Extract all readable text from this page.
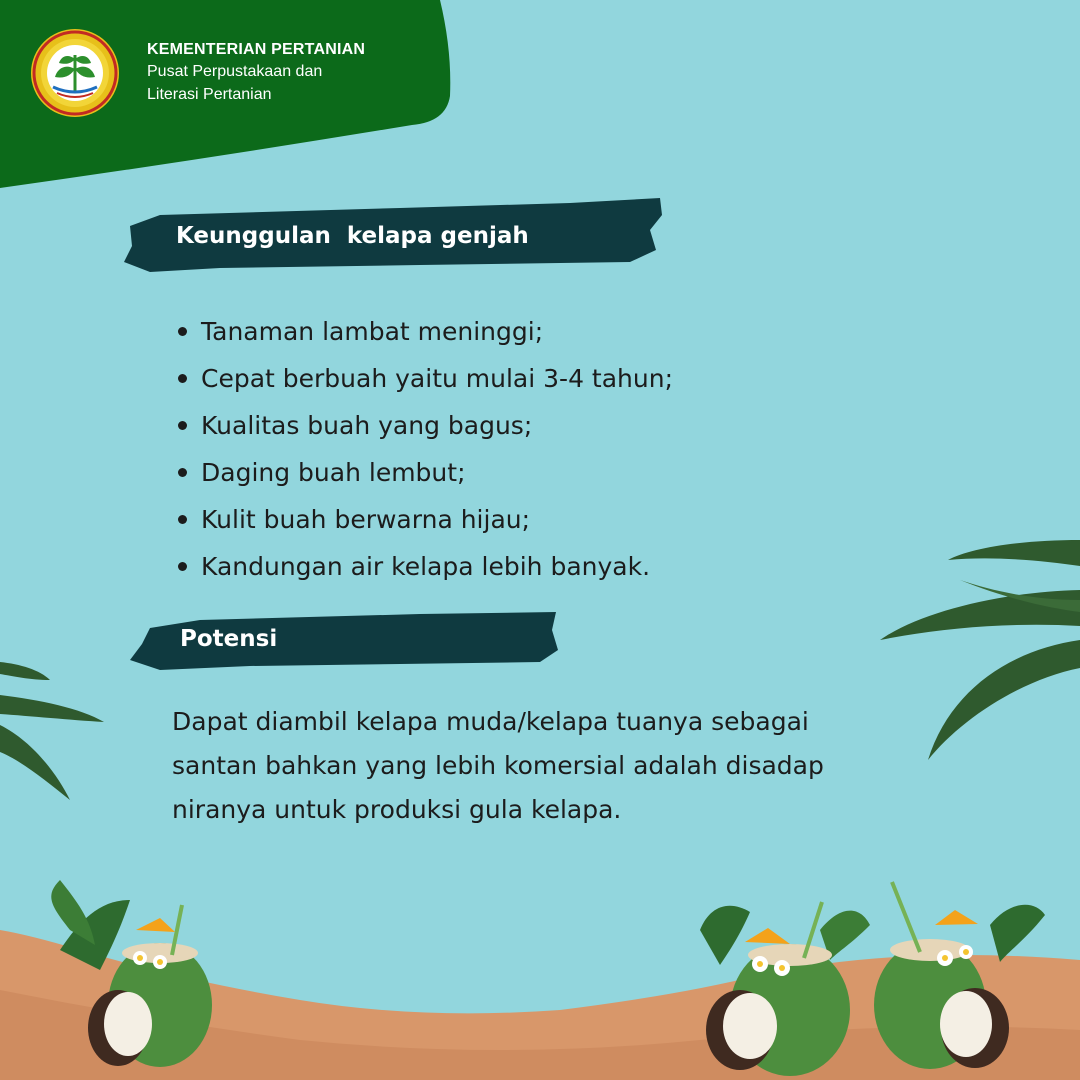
KEMENTERIAN PERTANIAN
Pusat Perpustakaan dan
Literasi Pertanian
Keunggulan  kelapa genjah
Tanaman lambat meninggi;
Cepat berbuah yaitu mulai 3-4 tahun;
Kualitas buah yang bagus;
Daging buah lembut;
Kulit buah berwarna hijau;
Kandungan air kelapa lebih banyak.
Potensi
Dapat diambil kelapa muda/kelapa tuanya sebagai
santan bahkan yang lebih komersial adalah disadap
niranya untuk produksi gula kelapa.
